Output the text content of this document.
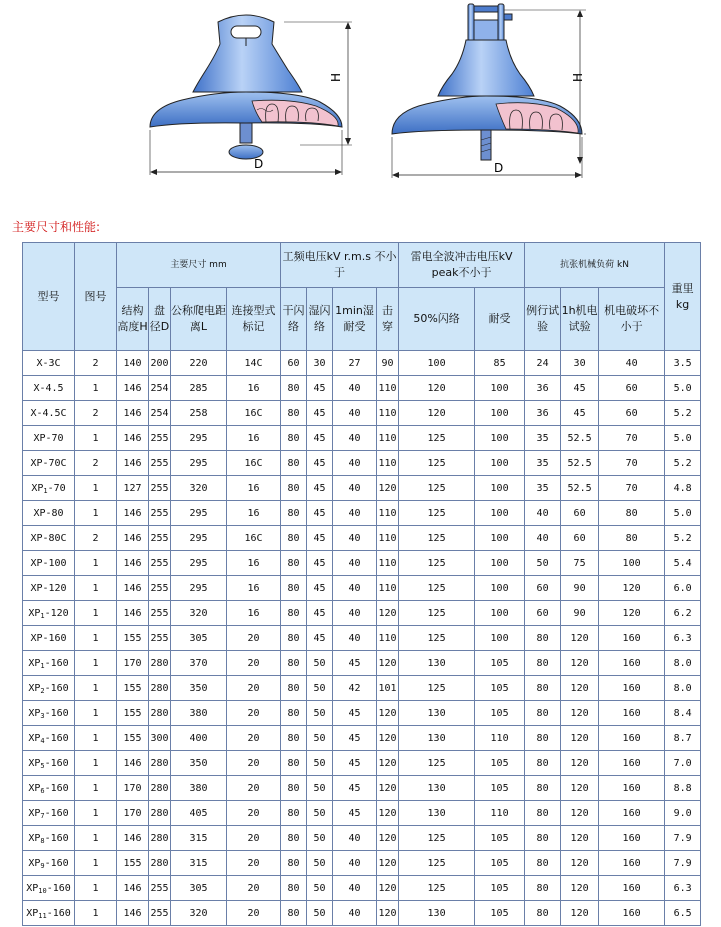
H
D
H
D
主要尺寸和性能:
型号	图号	主要尺寸 mm				工频电压kV r.m.s 不小于				雷电全波冲击电压kV peak不小于		抗张机械负荷 kN			重里 kg
		结构高度H	盘径D	公称爬电距离L	连接型式标记	干闪络	湿闪络	1min湿耐受	击穿	50%闪络	耐受	例行试验	1h机电试验	机电破坏不小于	
X-3C	2	140	200	220	14C	60	30	27	90	100	85	24	30	40	3.5
X-4.5	1	146	254	285	16	80	45	40	110	120	100	36	45	60	5.0
X-4.5C	2	146	254	258	16C	80	45	40	110	120	100	36	45	60	5.2
XP-70	1	146	255	295	16	80	45	40	110	125	100	35	52.5	70	5.0
XP-70C	2	146	255	295	16C	80	45	40	110	125	100	35	52.5	70	5.2
$XP_1-70$	1	127	255	320	16	80	45	40	120	125	100	35	52.5	70	4.8
XP-80	1	146	255	295	16	80	45	40	110	125	100	40	60	80	5.0
XP-80C	2	146	255	295	16C	80	45	40	110	125	100	40	60	80	5.2
XP-100	1	146	255	295	16	80	45	40	110	125	100	50	75	100	5.4
XP-120	1	146	255	295	16	80	45	40	110	125	100	60	90	120	6.0
$XP_1-120$	1	146	255	320	16	80	45	40	120	125	100	60	90	120	6.2
XP-160	1	155	255	305	20	80	45	40	110	125	100	80	120	160	6.3
$XP_1-160$	1	170	280	370	20	80	50	45	120	130	105	80	120	160	8.0
$XP_2-160$	1	155	280	350	20	80	50	42	101	125	105	80	120	160	8.0
$XP_3-160$	1	155	280	380	20	80	50	45	120	130	105	80	120	160	8.4
$XP_4-160$	1	155	300	400	20	80	50	45	120	130	110	80	120	160	8.7
$XP_5-160$	1	146	280	350	20	80	50	45	120	125	105	80	120	160	7.0
$XP_6-160$	1	170	280	380	20	80	50	45	120	130	105	80	120	160	8.8
$XP_7-160$	1	170	280	405	20	80	50	45	120	130	110	80	120	160	9.0
$XP_8-160$	1	146	280	315	20	80	50	40	120	125	105	80	120	160	7.9
$XP_9-160$	1	155	280	315	20	80	50	40	120	125	105	80	120	160	7.9
$XP_{10}-160$	1	146	255	305	20	80	50	40	120	125	105	80	120	160	6.3
$XP_{11}-160$	1	146	255	320	20	80	50	40	120	130	105	80	120	160	6.5
